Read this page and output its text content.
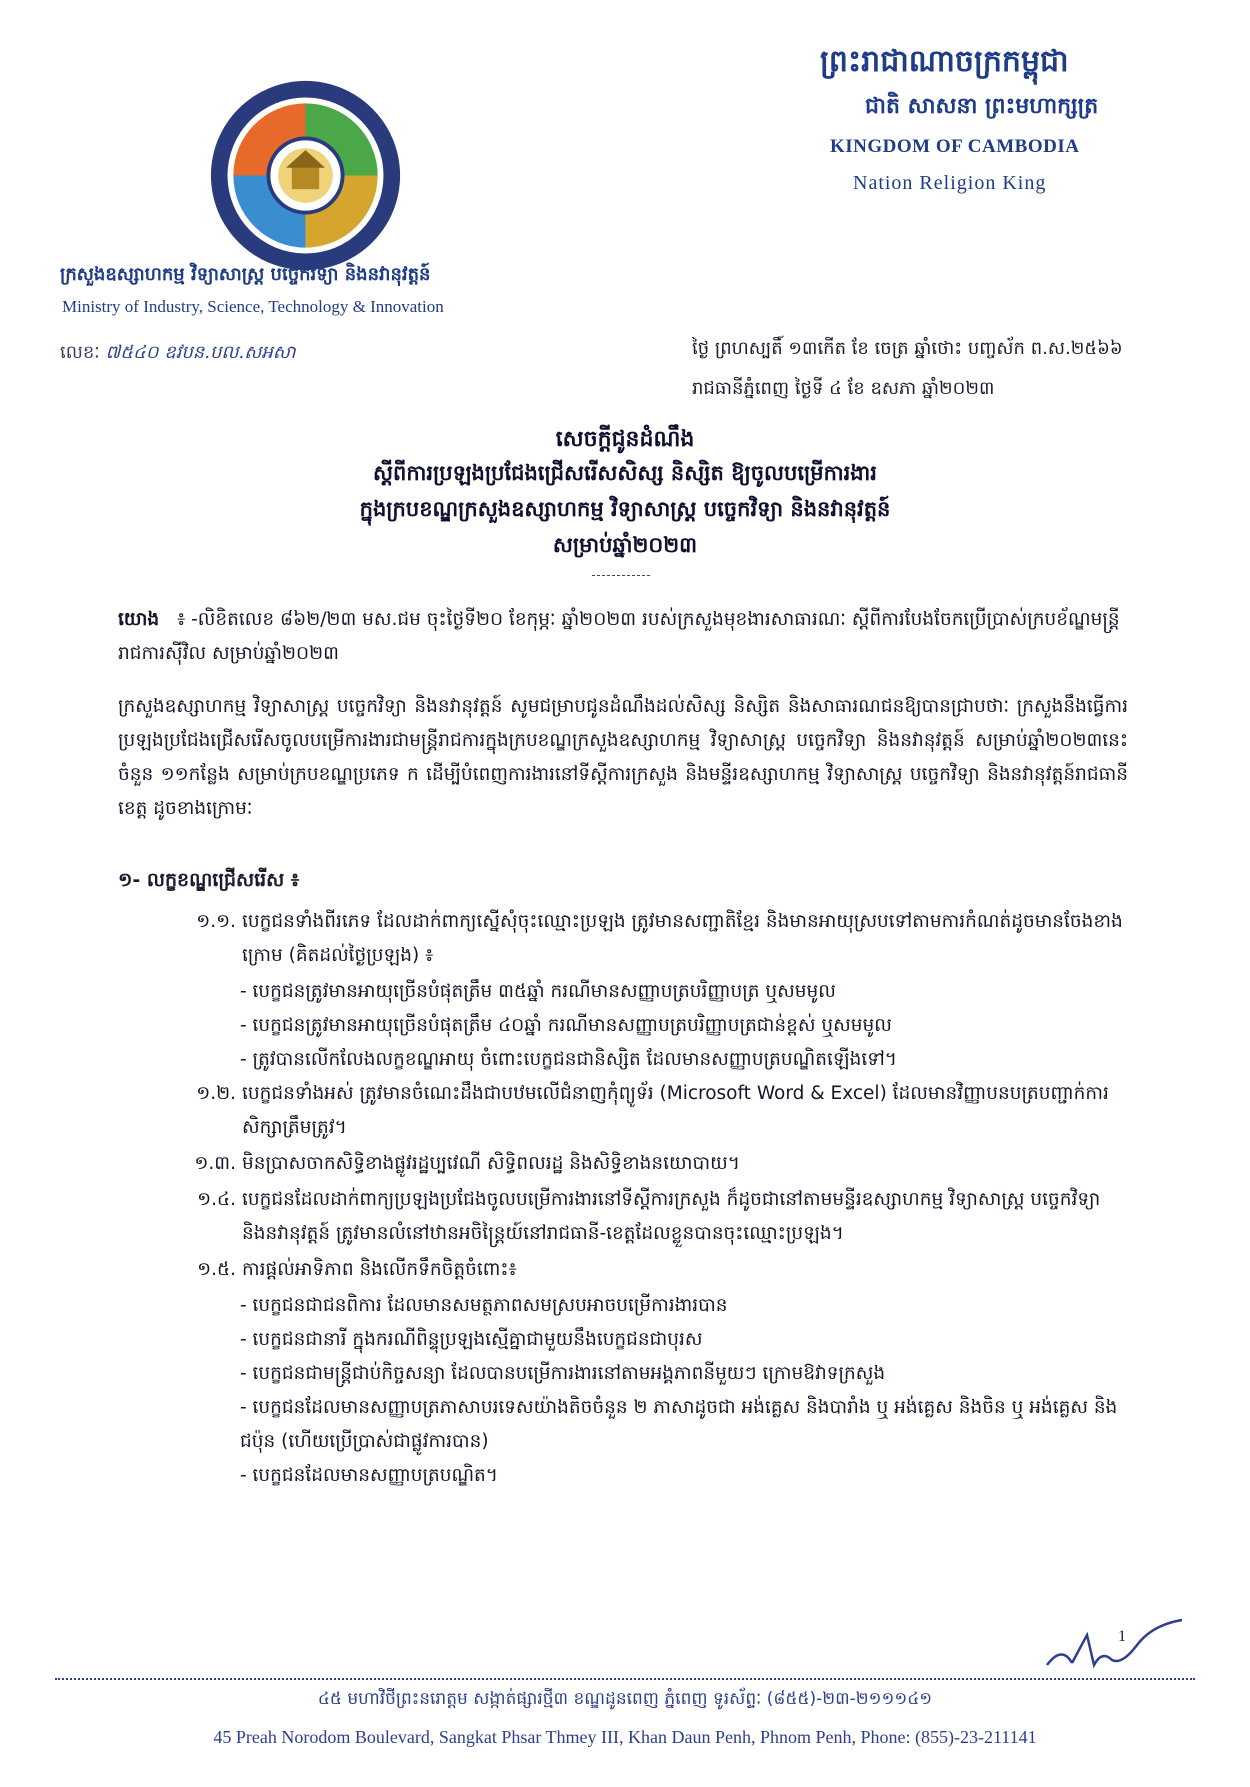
ព្រះរាជាណាចក្រកម្ពុជា
ជាតិ សាសនា ព្រះមហាក្សត្រ
KINGDOM OF CAMBODIA
Nation Religion King
ក្រសួងឧស្សាហកម្ម វិទ្យាសាស្ត្រ បច្ចេកវិទ្យា និងនវានុវត្តន៍
Ministry of Industry, Science, Technology & Innovation
លេខៈ ៧៥៤០ ឧវបន.បល.សអសា	ថ្ងៃ ព្រហស្បតិ៍ ១៣កើត ខែ ចេត្រ ឆ្នាំថោះ បញ្ចស័ក ព.ស.២៥៦៦
រាជធានីភ្នំពេញ ថ្ងៃទី ៤ ខែ ឧសភា ឆ្នាំ២០២៣
សេចក្តីជូនដំណឹង
ស្តីពីការប្រឡងប្រជែងជ្រើសរើសសិស្ស និស្សិត ឱ្យចូលបម្រើការងារ
ក្នុងក្របខណ្ឌក្រសួងឧស្សាហកម្ម វិទ្យាសាស្ត្រ បច្ចេកវិទ្យា និងនវានុវត្តន៍
សម្រាប់ឆ្នាំ២០២៣
យោង ៖ -លិខិតលេខ ៨៦២/២៣ មស.ជម ចុះថ្ងៃទី២០ ខែកុម្ភៈ ឆ្នាំ២០២៣ របស់ក្រសួងមុខងារសាធារណៈ ស្តីពីការបែងចែកប្រើប្រាស់ក្របខ័ណ្ឌមន្ត្រីរាជការស៊ីវិល សម្រាប់ឆ្នាំ២០២៣
ក្រសួងឧស្សាហកម្ម វិទ្យាសាស្ត្រ បច្ចេកវិទ្យា និងនវានុវត្តន៍ សូមជម្រាបជូនដំណឹងដល់សិស្ស និស្សិត និងសាធារណជនឱ្យបានជ្រាបថាៈ ក្រសួងនឹងធ្វើការប្រឡងប្រជែងជ្រើសរើសចូលបម្រើការងារជាមន្ត្រីរាជការក្នុងក្របខណ្ឌក្រសួងឧស្សាហកម្ម វិទ្យាសាស្ត្រ បច្ចេកវិទ្យា និងនវានុវត្តន៍ សម្រាប់ឆ្នាំ២០២៣នេះ ចំនួន ១១កន្លែង សម្រាប់ក្របខណ្ឌប្រភេទ ក ដើម្បីបំពេញការងារនៅទីស្តីការក្រសួង និងមន្ទីរឧស្សាហកម្ម វិទ្យាសាស្ត្រ បច្ចេកវិទ្យា និងនវានុវត្តន៍រាជធានី ខេត្ត ដូចខាងក្រោមៈ
១- លក្ខខណ្ឌជ្រើសរើស ៖
១.១. បេក្ខជនទាំងពីរភេទ ដែលដាក់ពាក្យស្នើសុំចុះឈ្មោះប្រឡង ត្រូវមានសញ្ជាតិខ្មែរ និងមានអាយុស្របទៅតាមការកំណត់ដូចមានចែងខាងក្រោម (គិតដល់ថ្ងៃប្រឡង) ៖
- បេក្ខជនត្រូវមានអាយុច្រើនបំផុតត្រឹម ៣៥ឆ្នាំ ករណីមានសញ្ញាបត្របរិញ្ញាបត្រ ឬសមមូល
- បេក្ខជនត្រូវមានអាយុច្រើនបំផុតត្រឹម ៤០ឆ្នាំ ករណីមានសញ្ញាបត្របរិញ្ញាបត្រជាន់ខ្ពស់ ឬសមមូល
- ត្រូវបានលើកលែងលក្ខខណ្ឌអាយុ ចំពោះបេក្ខជនជានិស្សិត ដែលមានសញ្ញាបត្របណ្ឌិតឡើងទៅ។
១.២. បេក្ខជនទាំងអស់ ត្រូវមានចំណេះដឹងជាបឋមលើជំនាញកុំព្យូទ័រ (Microsoft Word & Excel) ដែលមានវិញ្ញាបនបត្របញ្ជាក់ការសិក្សាត្រឹមត្រូវ។
១.៣. មិនប្រាសចាកសិទ្ធិខាងផ្លូវរដ្ឋប្បវេណី សិទ្ធិពលរដ្ឋ និងសិទ្ធិខាងនយោបាយ។
១.៤. បេក្ខជនដែលដាក់ពាក្យប្រឡងប្រជែងចូលបម្រើការងារនៅទីស្តីការក្រសួង ក៏ដូចជានៅតាមមន្ទីរឧស្សាហកម្ម វិទ្យាសាស្ត្រ បច្ចេកវិទ្យា និងនវានុវត្តន៍ ត្រូវមានលំនៅឋានអចិន្ត្រៃយ៍នៅរាជធានី-ខេត្តដែលខ្លួនបានចុះឈ្មោះប្រឡង។
១.៥. ការផ្តល់អាទិភាព និងលើកទឹកចិត្តចំពោះ៖
- បេក្ខជនជាជនពិការ ដែលមានសមត្ថភាពសមស្របអាចបម្រើការងារបាន
- បេក្ខជនជានារី ក្នុងករណីពិន្ទុប្រឡងស្មើគ្នាជាមួយនឹងបេក្ខជនជាបុរស
- បេក្ខជនជាមន្ត្រីជាប់កិច្ចសន្យា ដែលបានបម្រើការងារនៅតាមអង្គភាពនីមួយៗ ក្រោមឱវាទក្រសួង
- បេក្ខជនដែលមានសញ្ញាបត្រភាសាបរទេសយ៉ាងតិចចំនួន ២ ភាសាដូចជា អង់គ្លេស និងបារាំង ឬ អង់គ្លេស និងចិន ឬ អង់គ្លេស និងជប៉ុន (ហើយប្រើប្រាស់ជាផ្លូវការបាន)
- បេក្ខជនដែលមានសញ្ញាបត្របណ្ឌិត។
1
៤៥ មហាវិថីព្រះនរោត្តម សង្កាត់ផ្សារថ្មី៣ ខណ្ឌដូនពេញ ភ្នំពេញ ទូរស័ព្ទៈ (៨៥៥)-២៣-២១១១៤១
45 Preah Norodom Boulevard, Sangkat Phsar Thmey III, Khan Daun Penh, Phnom Penh, Phone: (855)-23-211141
